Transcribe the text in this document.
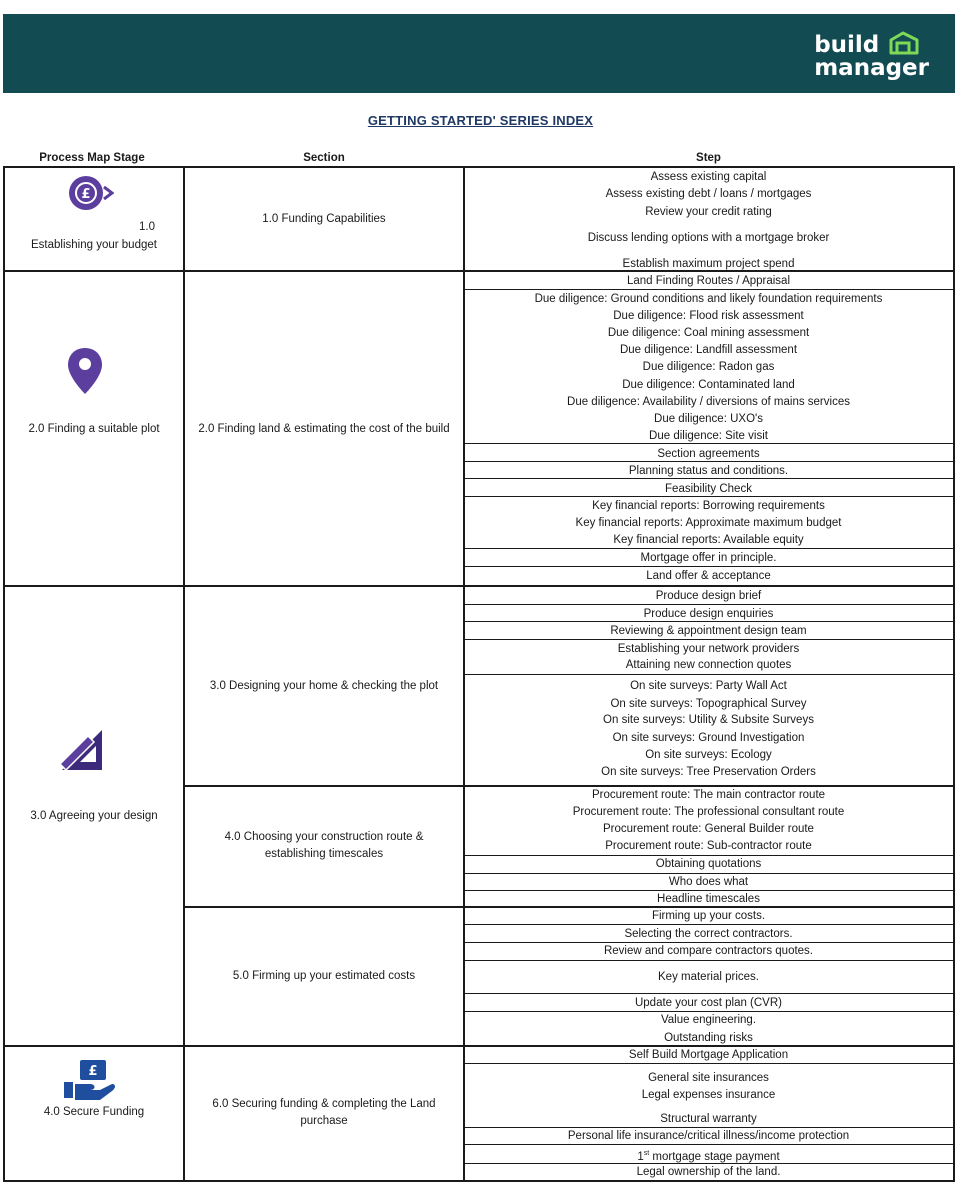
build
manager
GETTING STARTED' SERIES INDEX
Process Map Stage	Section	Step
£
£
1.0
Establishing your budget
2.0 Finding a suitable plot
3.0 Agreeing your design
4.0 Secure Funding
1.0 Funding Capabilities
2.0 Finding land & estimating the cost of the build
3.0 Designing your home & checking the plot
4.0 Choosing your construction route & establishing timescales
5.0 Firming up your estimated costs
6.0 Securing funding & completing the Land purchase
Assess existing capital
Assess existing debt / loans / mortgages
Review your credit rating
Discuss lending options with a mortgage broker
Establish maximum project spend
Land Finding Routes / Appraisal
Due diligence: Ground conditions and likely foundation requirements
Due diligence: Flood risk assessment
Due diligence: Coal mining assessment
Due diligence: Landfill assessment
Due diligence: Radon gas
Due diligence: Contaminated land
Due diligence: Availability / diversions of mains services
Due diligence: UXO's
Due diligence: Site visit
Section agreements
Planning status and conditions.
Feasibility Check
Key financial reports: Borrowing requirements
Key financial reports: Approximate maximum budget
Key financial reports: Available equity
Mortgage offer in principle.
Land offer & acceptance
Produce design brief
Produce design enquiries
Reviewing & appointment design team
Establishing your network providers
Attaining new connection quotes
On site surveys: Party Wall Act
On site surveys: Topographical Survey
On site surveys: Utility & Subsite Surveys
On site surveys: Ground Investigation
On site surveys: Ecology
On site surveys: Tree Preservation Orders
Procurement route: The main contractor route
Procurement route: The professional consultant route
Procurement route: General Builder route
Procurement route: Sub-contractor route
Obtaining quotations
Who does what
Headline timescales
Firming up your costs.
Selecting the correct contractors.
Review and compare contractors quotes.
Key material prices.
Update your cost plan (CVR)
Value engineering.
Outstanding risks
Self Build Mortgage Application
General site insurances
Legal expenses insurance
Structural warranty
Personal life insurance/critical illness/income protection
1st mortgage stage payment
Legal ownership of the land.
